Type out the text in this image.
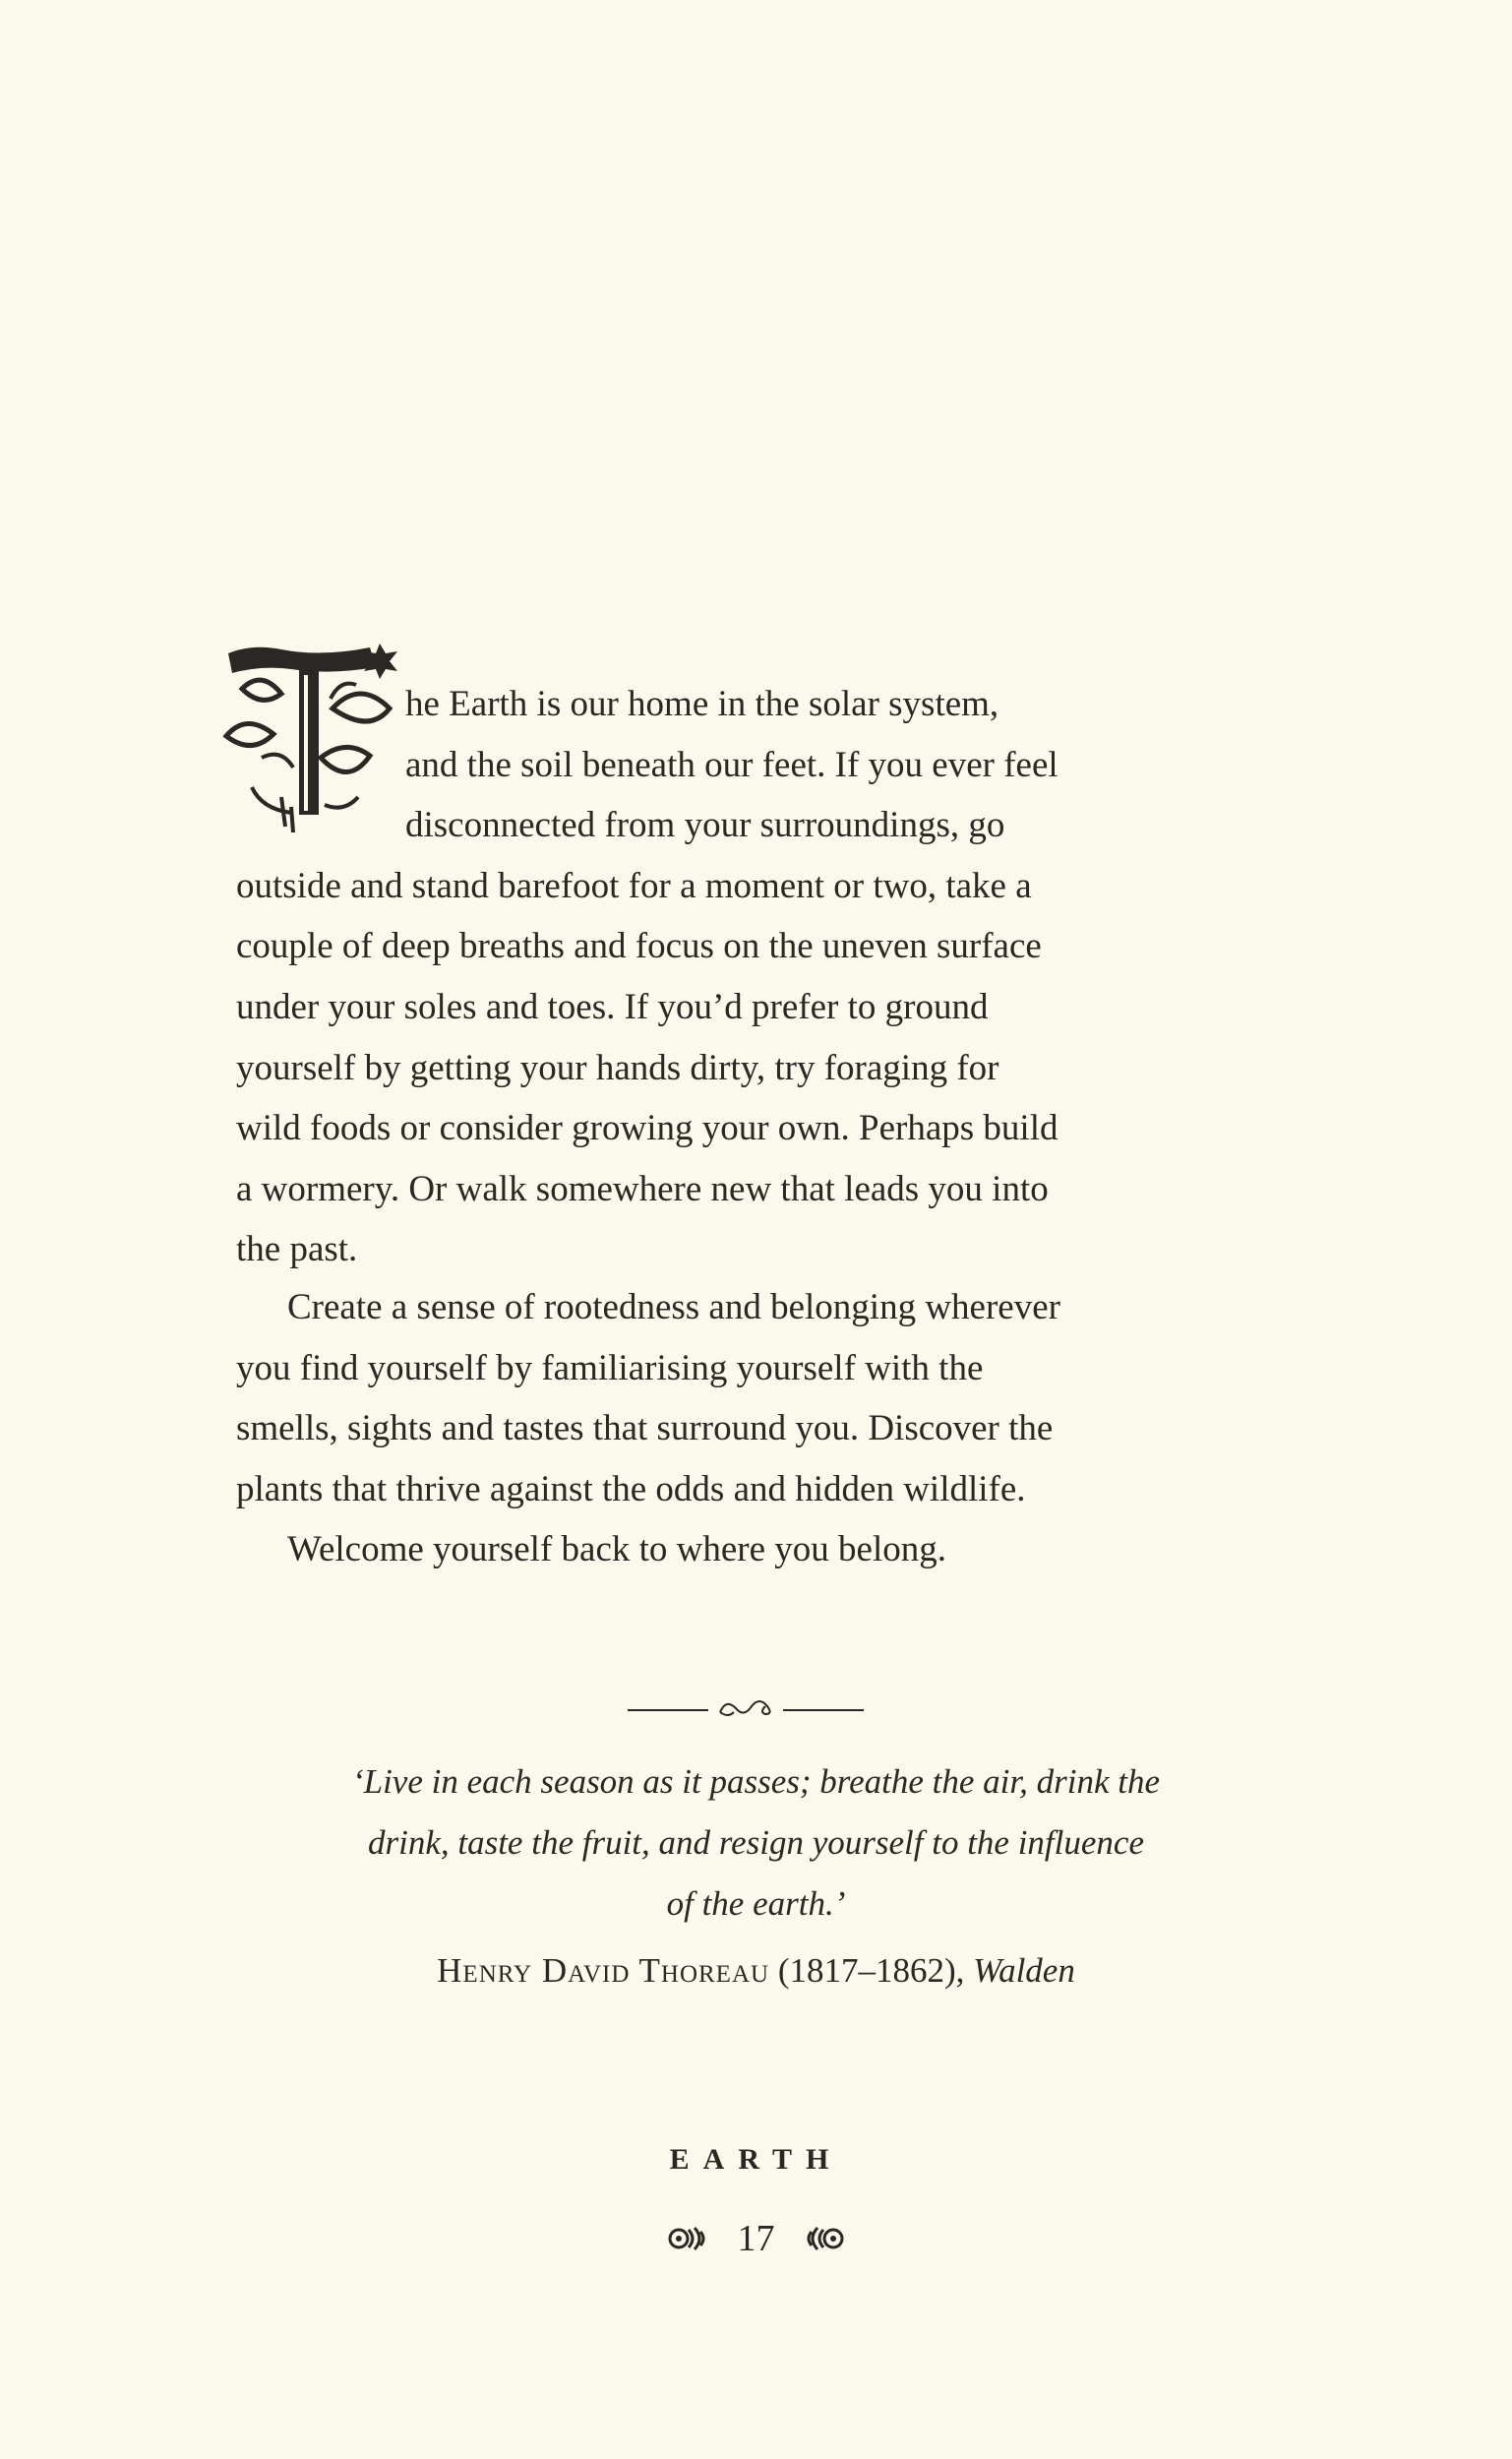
he Earth is our home in the solar system,
and the soil beneath our feet. If you ever feel
disconnected from your surroundings, go
outside and stand barefoot for a moment or two, take a
couple of deep breaths and focus on the uneven surface
under your soles and toes. If you’d prefer to ground
yourself by getting your hands dirty, try foraging for
wild foods or consider growing your own. Perhaps build
a wormery. Or walk somewhere new that leads you into
the past.
Create a sense of rootedness and belonging wherever
you find yourself by familiarising yourself with the
smells, sights and tastes that surround you. Discover the
plants that thrive against the odds and hidden wildlife.
Welcome yourself back to where you belong.
‘Live in each season as it passes; breathe the air, drink the
drink, taste the fruit, and resign yourself to the influence
of the earth.’

Henry David Thoreau (1817–1862), Walden

EARTH

17
